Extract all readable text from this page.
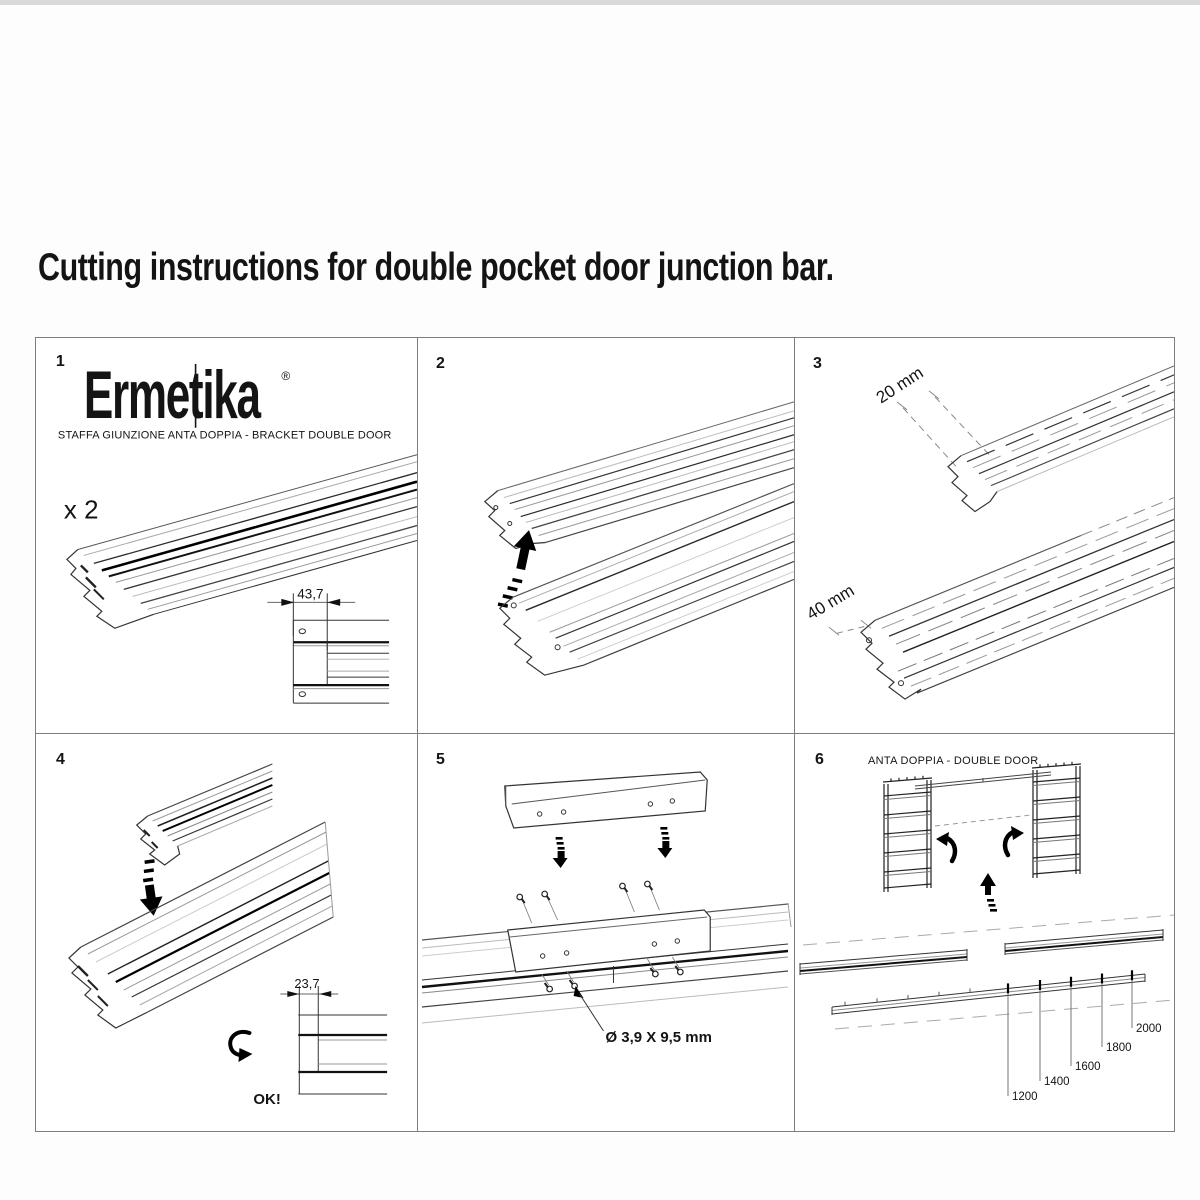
Cutting instructions for double pocket door junction bar.
1 Ermetika ®
STAFFA GIUNZIONE ANTA DOPPIA - BRACKET DOUBLE DOOR
x 2
43,7
2	3	20 mm
40 mm
4
23,7
OK!
5
Ø 3,9 X 9,5 mm
6	ANTA DOPPIA - DOUBLE DOOR
1200
1400
1600
1800
2000
